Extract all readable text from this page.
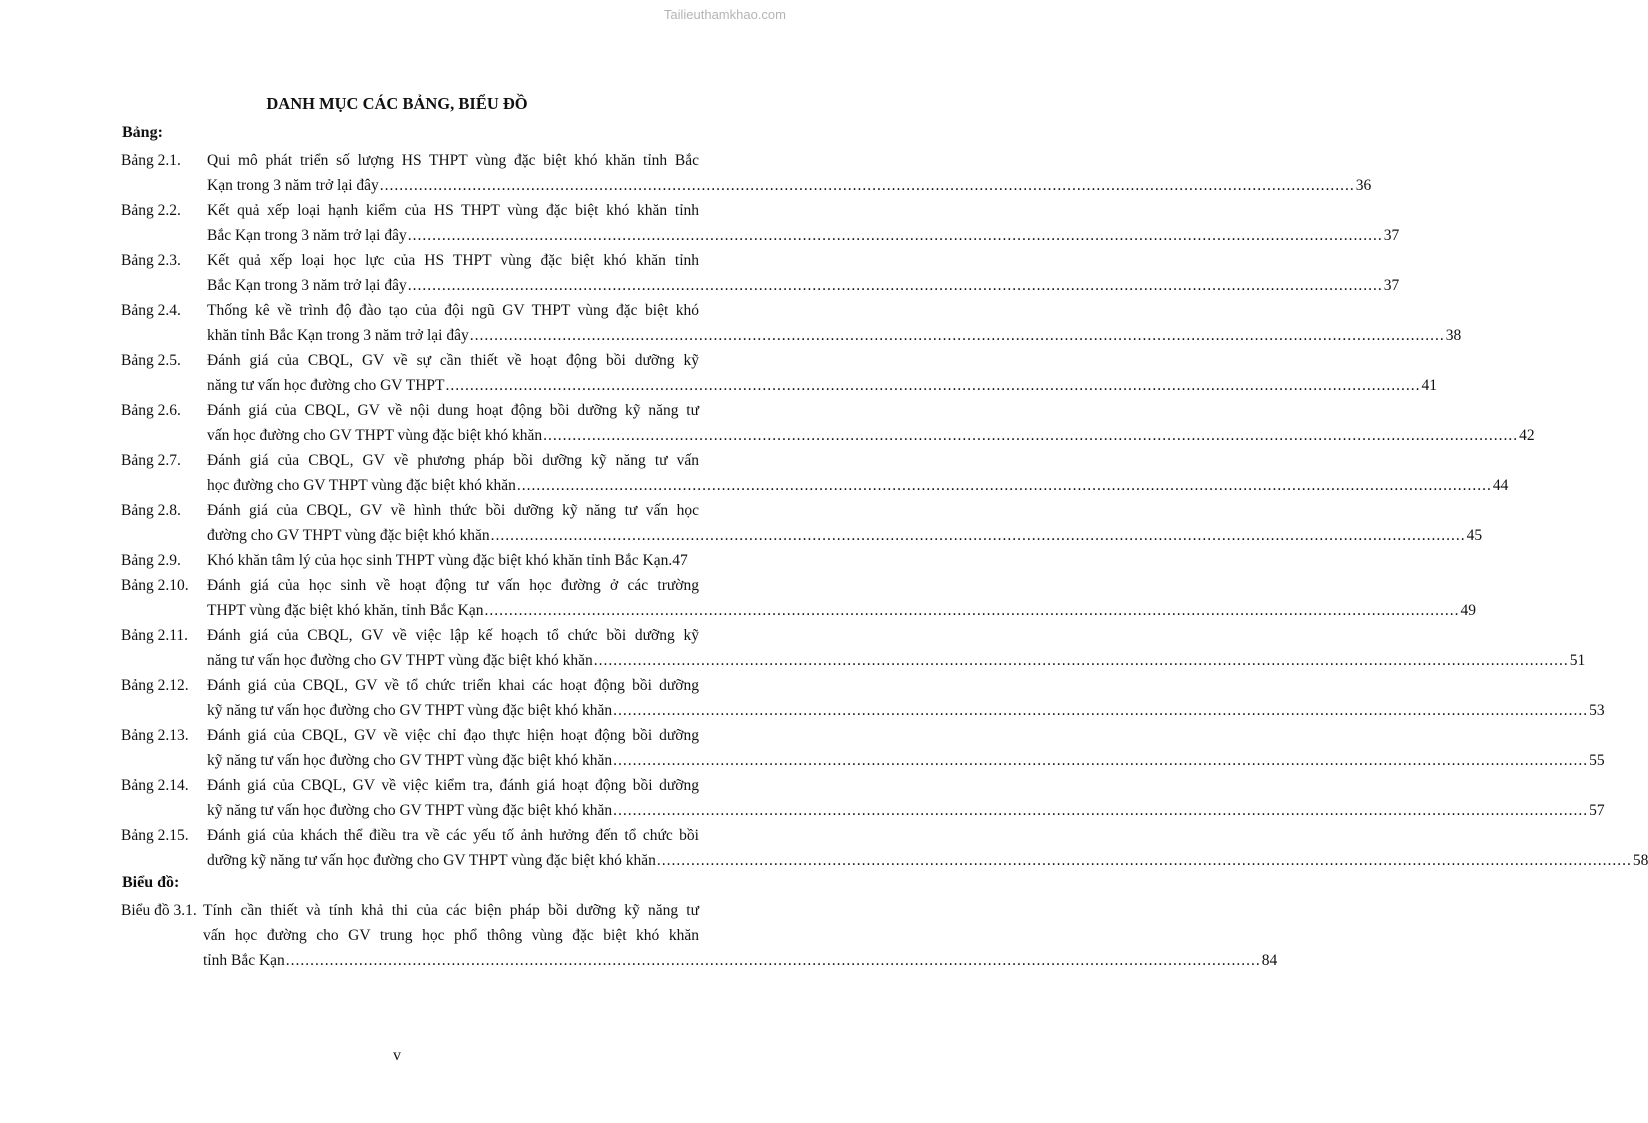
Tailieuthamkhao.com
DANH MỤC CÁC BẢNG, BIỂU ĐỒ
Bảng:
Bảng 2.1. Qui mô phát triển số lượng HS THPT vùng đặc biệt khó khăn tỉnh Bắc
Kạn trong 3 năm trở lại đây ........................................................................................................................................................................................................ 36
Bảng 2.2. Kết quả xếp loại hạnh kiểm của HS THPT vùng đặc biệt khó khăn tỉnh
Bắc Kạn trong 3 năm trở lại đây ........................................................................................................................................................................................................ 37
Bảng 2.3. Kết quả xếp loại học lực của HS THPT vùng đặc biệt khó khăn tỉnh
Bắc Kạn trong 3 năm trở lại đây ........................................................................................................................................................................................................ 37
Bảng 2.4. Thống kê về trình độ đào tạo của đội ngũ GV THPT vùng đặc biệt khó
khăn tỉnh Bắc Kạn trong 3 năm trở lại đây ........................................................................................................................................................................................................ 38
Bảng 2.5. Đánh giá của CBQL, GV về sự cần thiết về hoạt động bồi dưỡng kỹ
năng tư vấn học đường cho GV THPT ........................................................................................................................................................................................................ 41
Bảng 2.6. Đánh giá của CBQL, GV về nội dung hoạt động bồi dưỡng kỹ năng tư
vấn học đường cho GV THPT vùng đặc biệt khó khăn ........................................................................................................................................................................................................ 42
Bảng 2.7. Đánh giá của CBQL, GV về phương pháp bồi dưỡng kỹ năng tư vấn
học đường cho GV THPT vùng đặc biệt khó khăn ........................................................................................................................................................................................................ 44
Bảng 2.8. Đánh giá của CBQL, GV về hình thức bồi dưỡng kỹ năng tư vấn học
đường cho GV THPT vùng đặc biệt khó khăn ........................................................................................................................................................................................................ 45
Bảng 2.9. Khó khăn tâm lý của học sinh THPT vùng đặc biệt khó khăn tỉnh Bắc Kạn.47
Bảng 2.10. Đánh giá của học sinh về hoạt động tư vấn học đường ở các trường
THPT vùng đặc biệt khó khăn, tỉnh Bắc Kạn ........................................................................................................................................................................................................ 49
Bảng 2.11. Đánh giá của CBQL, GV về việc lập kế hoạch tổ chức bồi dưỡng kỹ
năng tư vấn học đường cho GV THPT vùng đặc biệt khó khăn ........................................................................................................................................................................................................ 51
Bảng 2.12. Đánh giá của CBQL, GV về tổ chức triển khai các hoạt động bồi dưỡng
kỹ năng tư vấn học đường cho GV THPT vùng đặc biệt khó khăn ........................................................................................................................................................................................................ 53
Bảng 2.13. Đánh giá của CBQL, GV về việc chỉ đạo thực hiện hoạt động bồi dưỡng
kỹ năng tư vấn học đường cho GV THPT vùng đặc biệt khó khăn ........................................................................................................................................................................................................ 55
Bảng 2.14. Đánh giá của CBQL, GV về việc kiểm tra, đánh giá hoạt động bồi dưỡng
kỹ năng tư vấn học đường cho GV THPT vùng đặc biệt khó khăn ........................................................................................................................................................................................................ 57
Bảng 2.15. Đánh giá của khách thể điều tra về các yếu tố ảnh hưởng đến tổ chức bồi
dưỡng kỹ năng tư vấn học đường cho GV THPT vùng đặc biệt khó khăn ........................................................................................................................................................................................................ 58
Biểu đồ:
Biểu đồ 3.1. Tính cần thiết và tính khả thi của các biện pháp bồi dưỡng kỹ năng tư
vấn học đường cho GV trung học phổ thông vùng đặc biệt khó khăn
tỉnh Bắc Kạn ........................................................................................................................................................................................................ 84
v
